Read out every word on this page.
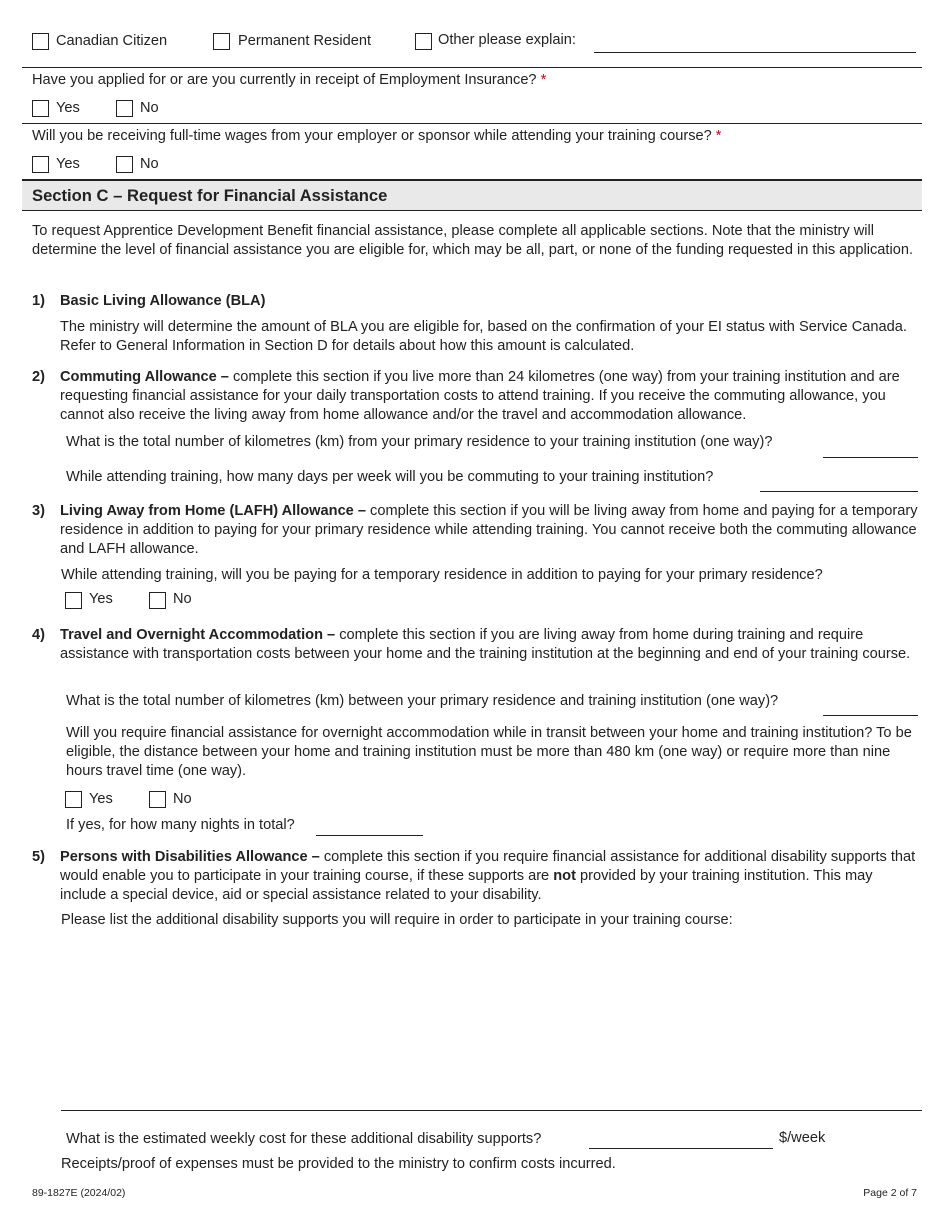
Canadian Citizen	Permanent Resident	Other please explain:
Have you applied for or are you currently in receipt of Employment Insurance? *
Yes	No
Will you be receiving full-time wages from your employer or sponsor while attending your training course? *
Yes	No
Section C – Request for Financial Assistance
To request Apprentice Development Benefit financial assistance, please complete all applicable sections. Note that the ministry will determine the level of financial assistance you are eligible for, which may be all, part, or none of the funding requested in this application.
1) Basic Living Allowance (BLA)
The ministry will determine the amount of BLA you are eligible for, based on the confirmation of your EI status with Service Canada. Refer to General Information in Section D for details about how this amount is calculated.
2) Commuting Allowance – complete this section if you live more than 24 kilometres (one way) from your training institution and are requesting financial assistance for your daily transportation costs to attend training. If you receive the commuting allowance, you cannot also receive the living away from home allowance and/or the travel and accommodation allowance.
What is the total number of kilometres (km) from your primary residence to your training institution (one way)?
While attending training, how many days per week will you be commuting to your training institution?
3) Living Away from Home (LAFH) Allowance – complete this section if you will be living away from home and paying for a temporary residence in addition to paying for your primary residence while attending training. You cannot receive both the commuting allowance and LAFH allowance.
While attending training, will you be paying for a temporary residence in addition to paying for your primary residence?
Yes	No
4) Travel and Overnight Accommodation – complete this section if you are living away from home during training and require assistance with transportation costs between your home and the training institution at the beginning and end of your training course.
What is the total number of kilometres (km) between your primary residence and training institution (one way)?
Will you require financial assistance for overnight accommodation while in transit between your home and training institution? To be eligible, the distance between your home and training institution must be more than 480 km (one way) or require more than nine hours travel time (one way).
Yes	No
If yes, for how many nights in total?
5) Persons with Disabilities Allowance – complete this section if you require financial assistance for additional disability supports that would enable you to participate in your training course, if these supports are not provided by your training institution. This may include a special device, aid or special assistance related to your disability.
Please list the additional disability supports you will require in order to participate in your training course:
What is the estimated weekly cost for these additional disability supports?	$/week
Receipts/proof of expenses must be provided to the ministry to confirm costs incurred.
89-1827E (2024/02)	Page 2 of 7
